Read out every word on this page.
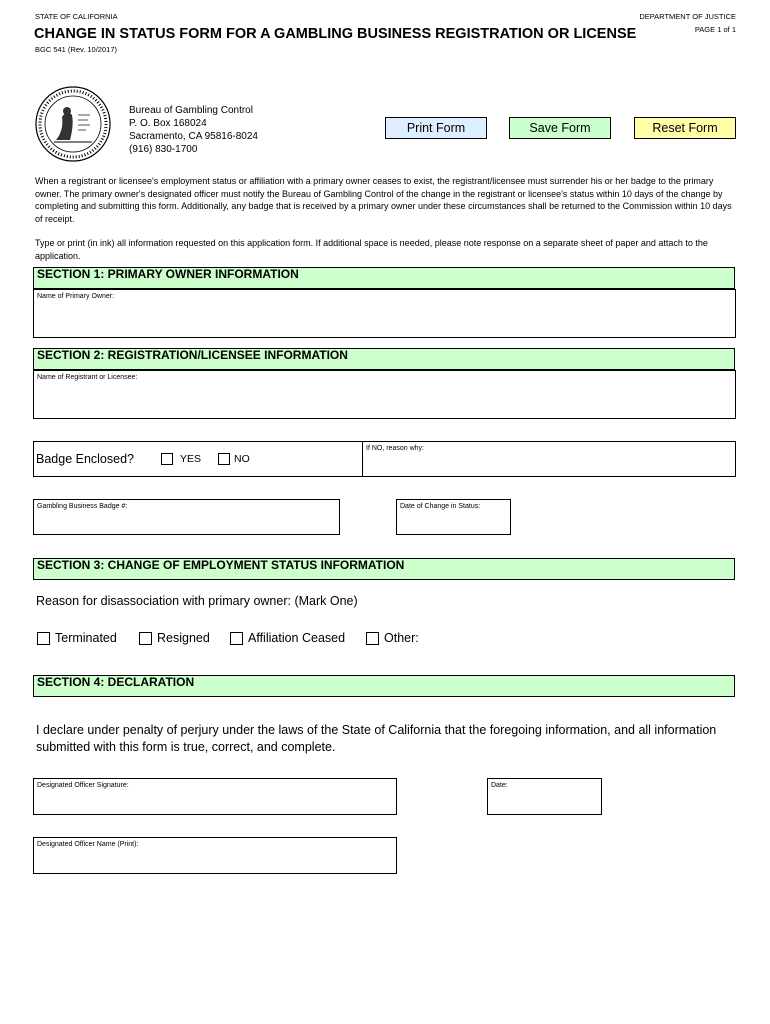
STATE OF CALIFORNIA	DEPARTMENT OF JUSTICE
CHANGE IN STATUS FORM FOR A GAMBLING BUSINESS REGISTRATION OR LICENSE	PAGE 1 of 1
BGC 541 (Rev. 10/2017)
Bureau of Gambling Control
P. O. Box 168024
Sacramento, CA 95816-8024
(916) 830-1700
Print Form	Save Form	Reset Form
When a registrant or licensee's employment status or affiliation with a primary owner ceases to exist, the registrant/licensee must surrender his or her badge to the primary owner. The primary owner's designated officer must notify the Bureau of Gambling Control of the change in the registrant or licensee's status within 10 days of the change by completing and submitting this form. Additionally, any badge that is received by a primary owner under these circumstances shall be returned to the Commission within 10 days of receipt.
Type or print (in ink) all information requested on this application form. If additional space is needed, please note response on a separate sheet of paper and attach to the application.
SECTION 1: PRIMARY OWNER INFORMATION
Name of Primary Owner:
SECTION 2: REGISTRATION/LICENSEE INFORMATION
Name of Registrant or Licensee:
Badge Enclosed?	YES	NO
If NO, reason why:
Gambling Business Badge #:	Date of Change in Status:
SECTION 3: CHANGE OF EMPLOYMENT STATUS INFORMATION
Reason for disassociation with primary owner: (Mark One)
Terminated	Resigned	Affiliation Ceased	Other:
SECTION 4: DECLARATION
I declare under penalty of perjury under the laws of the State of California that the foregoing information, and all information submitted with this form is true, correct, and complete.
Designated Officer Signature:	Date:
Designated Officer Name (Print):
